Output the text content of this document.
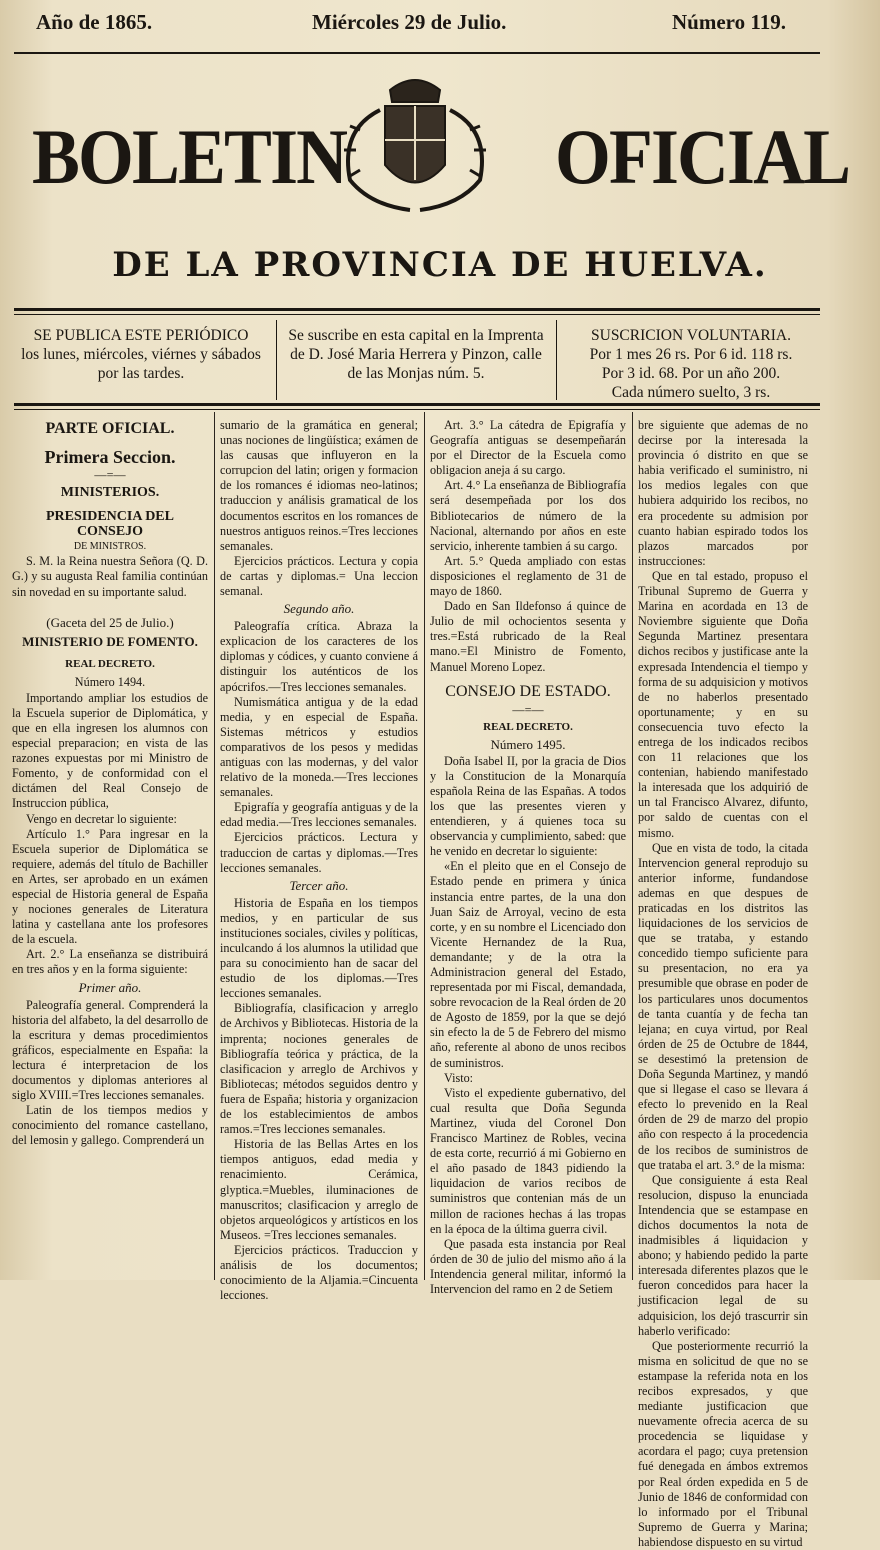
Año de 1865.	Miércoles 29 de Julio.	Número 119.
BOLETIN	OFICIAL
DE LA PROVINCIA DE HUELVA.
SE PUBLICA ESTE PERIÓDICO
los lunes, miércoles, viérnes y sábados
por las tardes.
Se suscribe en esta capital en la Imprenta
de D. José Maria Herrera y Pinzon, calle
de las Monjas núm. 5.
SUSCRICION VOLUNTARIA.
Por 1 mes 26 rs. Por 6 id. 118 rs.
Por 3 id. 68. Por un año 200.
Cada número suelto, 3 rs.

PARTE OFICIAL.

Primera Seccion.

—=—

MINISTERIOS.

PRESIDENCIA DEL CONSEJO

DE MINISTROS.

S. M. la Reina nuestra Señora (Q. D. G.) y su augusta Real familia continúan sin novedad en su importante salud.

(Gaceta del 25 de Julio.)

MINISTERIO DE FOMENTO.

REAL DECRETO.

Número 1494.

Importando ampliar los estudios de la Escuela superior de Diplomática, y que en ella ingresen los alumnos con especial preparacion; en vista de las razones expuestas por mi Ministro de Fomento, y de conformidad con el dictámen del Real Consejo de Instruccion pública,

Vengo en decretar lo siguiente:

Artículo 1.° Para ingresar en la Escuela superior de Diplomática se requiere, además del título de Bachiller en Artes, ser aprobado en un exámen especial de Historia general de España y nociones generales de Literatura latina y castellana ante los profesores de la escuela.

Art. 2.° La enseñanza se distribuirá en tres años y en la forma siguiente:

Primer año.

Paleografía general. Comprenderá la historia del alfabeto, la del desarrollo de la escritura y demas procedimientos gráficos, especialmente en España: la lectura é interpretacion de los documentos y diplomas anteriores al siglo XVIII.=Tres lecciones semanales.

Latin de los tiempos medios y conocimiento del romance castellano, del lemosin y gallego. Comprenderá un

sumario de la gramática en general; unas nociones de lingüística; exámen de las causas que influyeron en la corrupcion del latin; origen y formacion de los romances é idiomas neo-latinos; traduccion y análisis gramatical de los documentos escritos en los romances de nuestros antiguos reinos.=Tres lecciones semanales.

Ejercicios prácticos. Lectura y copia de cartas y diplomas.= Una leccion semanal.

Segundo año.

Paleografía crítica. Abraza la explicacion de los caracteres de los diplomas y códices, y cuanto conviene á distinguir los auténticos de los apócrifos.—Tres lecciones semanales.

Numismática antigua y de la edad media, y en especial de España. Sistemas métricos y estudios comparativos de los pesos y medidas antiguas con las modernas, y del valor relativo de la moneda.—Tres lecciones semanales.

Epigrafía y geografía antiguas y de la edad media.—Tres lecciones semanales.

Ejercicios prácticos. Lectura y traduccion de cartas y diplomas.—Tres lecciones semanales.

Tercer año.

Historia de España en los tiempos medios, y en particular de sus instituciones sociales, civiles y políticas, inculcando á los alumnos la utilidad que para su conocimiento han de sacar del estudio de los diplomas.—Tres lecciones semanales.

Bibliografía, clasificacion y arreglo de Archivos y Bibliotecas. Historia de la imprenta; nociones generales de Bibliografía teórica y práctica, de la clasificacion y arreglo de Archivos y Bibliotecas; métodos seguidos dentro y fuera de España; historia y organizacion de los establecimientos de ambos ramos.=Tres lecciones semanales.

Historia de las Bellas Artes en los tiempos antiguos, edad media y renacimiento. Cerámica, glyptica.=Muebles, iluminaciones de manuscritos; clasificacion y arreglo de objetos arqueológicos y artísticos en los Museos. =Tres lecciones semanales.

Ejercicios prácticos. Traduccion y análisis de los documentos; conocimiento de la Aljamia.=Cincuenta lecciones.

Art. 3.° La cátedra de Epigrafía y Geografía antiguas se desempeñarán por el Director de la Escuela como obligacion aneja á su cargo.

Art. 4.° La enseñanza de Bibliografía será desempeñada por los dos Bibliotecarios de número de la Nacional, alternando por años en este servicio, inherente tambien á su cargo.

Art. 5.° Queda ampliado con estas disposiciones el reglamento de 31 de mayo de 1860.

Dado en San Ildefonso á quince de Julio de mil ochocientos sesenta y tres.=Está rubricado de la Real mano.=El Ministro de Fomento, Manuel Moreno Lopez.

CONSEJO DE ESTADO.

—=—

REAL DECRETO.

Número 1495.

Doña Isabel II, por la gracia de Dios y la Constitucion de la Monarquía española Reina de las Españas. A todos los que las presentes vieren y entendieren, y á quienes toca su observancia y cumplimiento, sabed: que he venido en decretar lo siguiente:

«En el pleito que en el Consejo de Estado pende en primera y única instancia entre partes, de la una don Juan Saiz de Arroyal, vecino de esta corte, y en su nombre el Licenciado don Vicente Hernandez de la Rua, demandante; y de la otra la Administracion general del Estado, representada por mi Fiscal, demandada, sobre revocacion de la Real órden de 20 de Agosto de 1859, por la que se dejó sin efecto la de 5 de Febrero del mismo año, referente al abono de unos recibos de suministros.

Visto:

Visto el expediente gubernativo, del cual resulta que Doña Segunda Martinez, viuda del Coronel Don Francisco Martinez de Robles, vecina de esta corte, recurrió á mi Gobierno en el año pasado de 1843 pidiendo la liquidacion de varios recibos de suministros que contenian más de un millon de raciones hechas á las tropas en la época de la última guerra civil.

Que pasada esta instancia por Real órden de 30 de julio del mismo año á la Intendencia general militar, informó la Intervencion del ramo en 2 de Setiem

bre siguiente que ademas de no decirse por la interesada la provincia ó distrito en que se habia verificado el suministro, ni los medios legales con que hubiera adquirido los recibos, no era procedente su admision por cuanto habian espirado todos los plazos marcados por instrucciones:

Que en tal estado, propuso el Tribunal Supremo de Guerra y Marina en acordada en 13 de Noviembre siguiente que Doña Segunda Martinez presentara dichos recibos y justificase ante la expresada Intendencia el tiempo y forma de su adquisicion y motivos de no haberlos presentado oportunamente; y en su consecuencia tuvo efecto la entrega de los indicados recibos con 11 relaciones que los contenian, habiendo manifestado la interesada que los adquirió de un tal Francisco Alvarez, difunto, por saldo de cuentas con el mismo.

Que en vista de todo, la citada Intervencion general reprodujo su anterior informe, fundandose ademas en que despues de praticadas en los distritos las liquidaciones de los servicios de que se trataba, y estando concedido tiempo suficiente para su presentacion, no era ya presumible que obrase en poder de los particulares unos documentos de tanta cuantía y de fecha tan lejana; en cuya virtud, por Real órden de 25 de Octubre de 1844, se desestimó la pretension de Doña Segunda Martinez, y mandó que si llegase el caso se llevara á efecto lo prevenido en la Real órden de 29 de marzo del propio año con respecto á la procedencia de los recibos de suministros de que trataba el art. 3.° de la misma:

Que consiguiente á esta Real resolucion, dispuso la enunciada Intendencia que se estampase en dichos documentos la nota de inadmisibles á liquidacion y abono; y habiendo pedido la parte interesada diferentes plazos que le fueron concedidos para hacer la justificacion legal de su adquisicion, los dejó trascurrir sin haberlo verificado:

Que posteriormente recurrió la misma en solicitud de que no se estampase la referida nota en los recibos expresados, y que mediante justificacion que nuevamente ofrecia acerca de su procedencia se liquidase y acordara el pago; cuya pretension fué denegada en ámbos extremos por Real órden expedida en 5 de Junio de 1846 de conformidad con lo informado por el Tribunal Supremo de Guerra y Marina; habiendose dispuesto en su virtud
